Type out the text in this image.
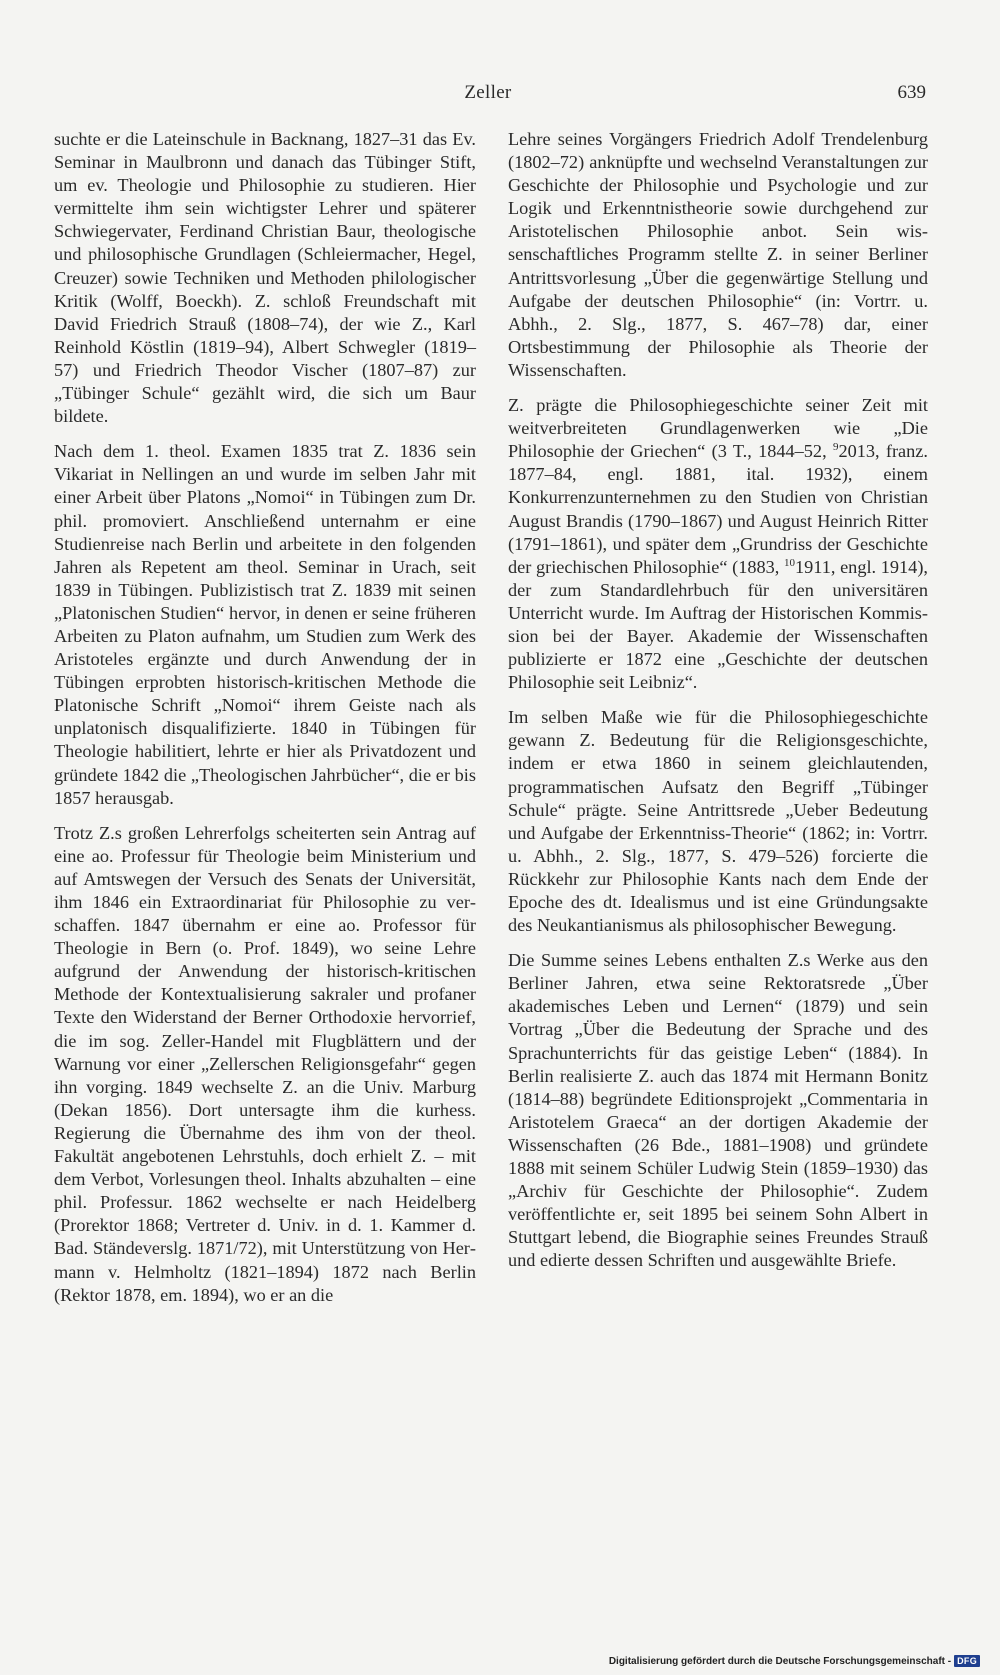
Zeller	639

suchte er die Lateinschule in Backnang, 1827–31 das Ev. Seminar in Maulbronn und danach das Tübinger Stift, um ev. Theologie und Philosophie zu studieren. Hier vermittelte ihm sein wichtigster Lehrer und späterer Schwiegervater, Ferdinand Christian Baur, theologische und philosophische Grundlagen (Schleiermacher, Hegel, Creuzer) sowie Techniken und Methoden philologischer Kritik (Wolff, Boeckh). Z. schloß Freundschaft mit David Friedrich Strauß (1808–74), der wie Z., Karl Reinhold Köstlin (1819–94), Albert Schwegler (1819–57) und Friedrich Theodor Vischer (1807–87) zur „Tübinger Schule“ gezählt wird, die sich um Baur bildete.

Nach dem 1. theol. Examen 1835 trat Z. 1836 sein Vikariat in Nellingen an und wurde im selben Jahr mit einer Arbeit über Platons „Nomoi“ in Tübingen zum Dr. phil. promoviert. Anschließend unternahm er eine Studienreise nach Berlin und arbeitete in den folgenden Jahren als Repetent am theol. Seminar in Urach, seit 1839 in Tübingen. Publizistisch trat Z. 1839 mit seinen „Platonischen Studien“ hervor, in denen er seine früheren Arbeiten zu Platon aufnahm, um Studien zum Werk des Aristoteles ergänzte und durch Anwendung der in Tübingen erprobten historisch-kritischen Methode die Platonische Schrift „Nomoi“ ihrem Geiste nach als unplatonisch disqualifizierte. 1840 in Tübingen für Theologie habilitiert, lehrte er hier als Privatdozent und gründete 1842 die „Theologischen Jahrbücher“, die er bis 1857 herausgab.

Trotz Z.s großen Lehrerfolgs scheiterten sein Antrag auf eine ao. Professur für Theologie beim Ministerium und auf Amtswegen der Versuch des Senats der Universität, ihm 1846 ein Extraordinariat für Philosophie zu verschaffen. 1847 übernahm er eine ao. Professor für Theologie in Bern (o. Prof. 1849), wo seine Lehre aufgrund der Anwendung der historisch-kritischen Methode der Kontextualisierung sakraler und profaner Texte den Widerstand der Berner Orthodoxie hervorrief, die im sog. Zeller-Handel mit Flugblättern und der Warnung vor einer „Zellerschen Religionsgefahr“ gegen ihn vorging. 1849 wechselte Z. an die Univ. Marburg (Dekan 1856). Dort untersagte ihm die kurhess. Regierung die Übernahme des ihm von der theol. Fakultät angebotenen Lehrstuhls, doch erhielt Z. – mit dem Verbot, Vorlesungen theol. Inhalts abzuhalten – eine phil. Professur. 1862 wechselte er nach Heidelberg (Prorektor 1868; Vertreter d. Univ. in d. 1. Kammer d. Bad. Ständeverslg. 1871/72), mit Unterstützung von Hermann v. Helmholtz (1821–1894) 1872 nach Berlin (Rektor 1878, em. 1894), wo er an die

Lehre seines Vorgängers Friedrich Adolf Trendelenburg (1802–72) anknüpfte und wechselnd Veranstaltungen zur Geschichte der Philosophie und Psychologie und zur Logik und Erkenntnistheorie sowie durchgehend zur Aristotelischen Philosophie anbot. Sein wissenschaftliches Programm stellte Z. in seiner Berliner Antrittsvorlesung „Über die gegenwärtige Stellung und Aufgabe der deutschen Philosophie“ (in: Vortrr. u. Abhh., 2. Slg., 1877, S. 467–78) dar, einer Ortsbestimmung der Philosophie als Theorie der Wissenschaften.

Z. prägte die Philosophiegeschichte seiner Zeit mit weitverbreiteten Grundlagenwerken wie „Die Philosophie der Griechen“ (3 T., 1844–52, $^9$2013, franz. 1877–84, engl. 1881, ital. 1932), einem Konkurrenzunternehmen zu den Studien von Christian August Brandis (1790–1867) und August Heinrich Ritter (1791–1861), und später dem „Grundriss der Geschichte der griechischen Philosophie“ (1883, $^{10}$1911, engl. 1914), der zum Standardlehrbuch für den universitären Unterricht wurde. Im Auftrag der Historischen Kommission bei der Bayer. Akademie der Wissenschaften publizierte er 1872 eine „Geschichte der deutschen Philosophie seit Leibniz“.

Im selben Maße wie für die Philosophiegeschichte gewann Z. Bedeutung für die Religionsgeschichte, indem er etwa 1860 in seinem gleichlautenden, programmatischen Aufsatz den Begriff „Tübinger Schule“ prägte. Seine Antrittsrede „Ueber Bedeutung und Aufgabe der Erkenntniss-Theorie“ (1862; in: Vortrr. u. Abhh., 2. Slg., 1877, S. 479–526) forcierte die Rückkehr zur Philosophie Kants nach dem Ende der Epoche des dt. Idealismus und ist eine Gründungsakte des Neukantianismus als philosophischer Bewegung.

Die Summe seines Lebens enthalten Z.s Werke aus den Berliner Jahren, etwa seine Rektoratsrede „Über akademisches Leben und Lernen“ (1879) und sein Vortrag „Über die Bedeutung der Sprache und des Sprachunterrichts für das geistige Leben“ (1884). In Berlin realisierte Z. auch das 1874 mit Hermann Bonitz (1814–88) begründete Editionsprojekt „Commentaria in Aristotelem Graeca“ an der dortigen Akademie der Wissenschaften (26 Bde., 1881–1908) und gründete 1888 mit seinem Schüler Ludwig Stein (1859–1930) das „Archiv für Geschichte der Philosophie“. Zudem veröffentlichte er, seit 1895 bei seinem Sohn Albert in Stuttgart lebend, die Biographie seines Freundes Strauß und edierte dessen Schriften und ausgewählte Briefe.

Digitalisierung gefördert durch die Deutsche Forschungsgemeinschaft - DFG
